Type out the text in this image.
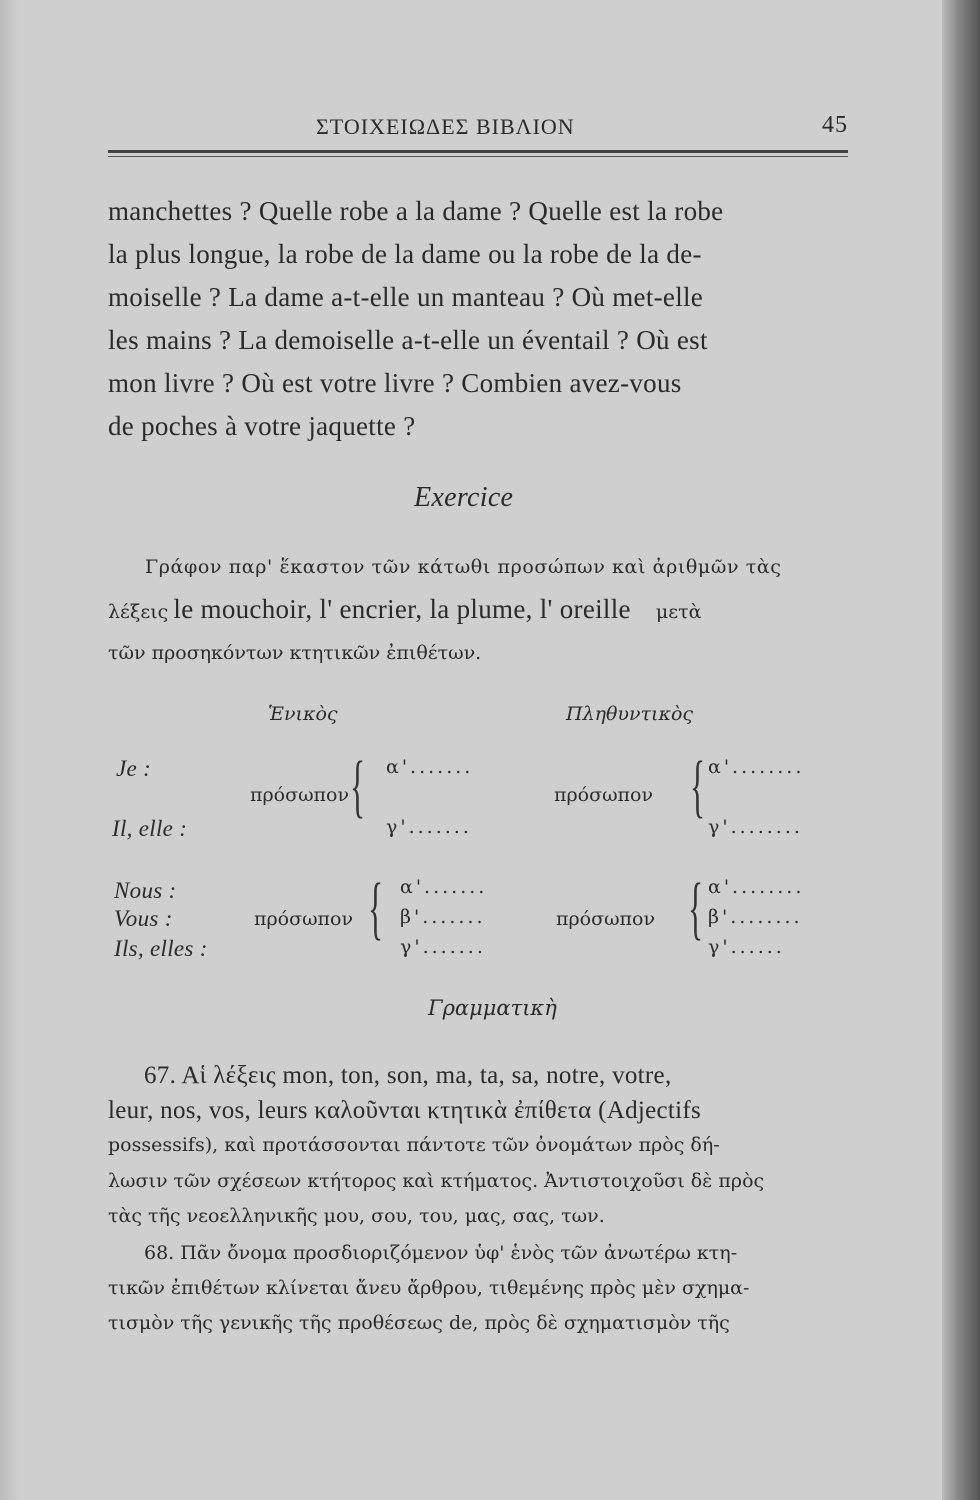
ΣΤΟΙΧΕΙΩΔΕΣ ΒΙΒΛΙΟΝ	45
manchettes ? Quelle robe a la dame ? Quelle est la robe
la plus longue, la robe de la dame ou la robe de la de-
moiselle ? La dame a-t-elle un manteau ? Où met-elle
les mains ? La demoiselle a-t-elle un éventail ? Où est
mon livre ? Où est votre livre ? Combien avez-vous
de poches à votre jaquette ?
Exercice
Γράφον παρ' ἕκαστον τῶν κάτωθι προσώπων καὶ ἀριθμῶν τὰς
λέξεις le mouchoir, l' encrier, la plume, l' oreille μετὰ
τῶν προσηκόντων κτητικῶν ἐπιθέτων.
Ἑνικὸς	Πληθυντικὸς
Je :
Il, elle :
πρόσωπον { α'.......
γ'.......
πρόσωπον { α'........
γ'........
Nous :
Vous :
Ils, elles :
πρόσωπον { α'.......
β'.......
γ'.......
πρόσωπον { α'........
β'........
γ'......
Γραμματικὴ
67. Αἱ λέξεις mon, ton, son, ma, ta, sa, notre, votre,
leur, nos, vos, leurs καλοῦνται κτητικὰ ἐπίθετα (Adjectifs
possessifs), καὶ προτάσσονται πάντοτε τῶν ὀνομάτων πρὸς δή-
λωσιν τῶν σχέσεων κτήτορος καὶ κτήματος. Ἀντιστοιχοῦσι δὲ πρὸς
τὰς τῆς νεοελληνικῆς μου, σου, του, μας, σας, των.
68. Πᾶν ὄνομα προσδιοριζόμενον ὑφ' ἑνὸς τῶν ἀνωτέρω κτη-
τικῶν ἐπιθέτων κλίνεται ἄνευ ἄρθρου, τιθεμένης πρὸς μὲν σχημα-
τισμὸν τῆς γενικῆς τῆς προθέσεως de, πρὸς δὲ σχηματισμὸν τῆς
